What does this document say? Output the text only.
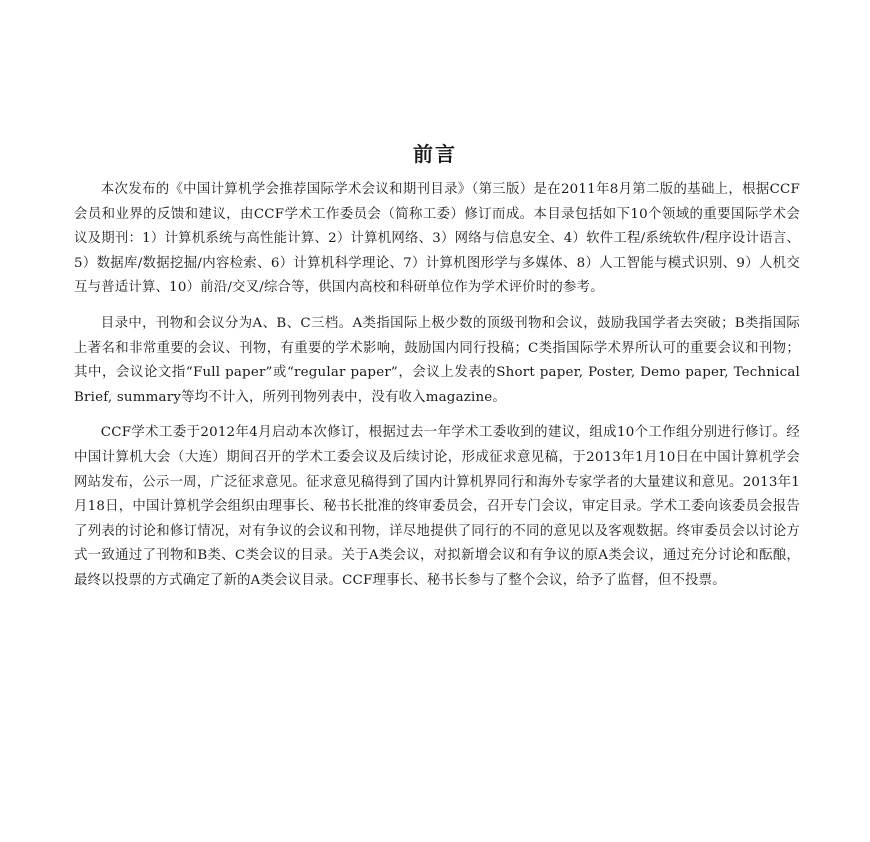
前言

本次发布的《中国计算机学会推荐国际学术会议和期刊目录》（第三版）是在2011年8月第二版的基础上，根据CCF会员和业界的反馈和建议，由CCF学术工作委员会（简称工委）修订而成。本目录包括如下10个领域的重要国际学术会议及期刊：1）计算机系统与高性能计算、2）计算机网络、3）网络与信息安全、4）软件工程/系统软件/程序设计语言、5）数据库/数据挖掘/内容检索、6）计算机科学理论、7）计算机图形学与多媒体、8）人工智能与模式识别、9）人机交互与普适计算、10）前沿/交叉/综合等，供国内高校和科研单位作为学术评价时的参考。

目录中，刊物和会议分为A、B、C三档。A类指国际上极少数的顶级刊物和会议，鼓励我国学者去突破；B类指国际上著名和非常重要的会议、刊物，有重要的学术影响，鼓励国内同行投稿；C类指国际学术界所认可的重要会议和刊物；其中，会议论文指“Full paper”或“regular paper”，会议上发表的Short paper, Poster, Demo paper, Technical Brief, summary等均不计入，所列刊物列表中，没有收入magazine。

CCF学术工委于2012年4月启动本次修订，根据过去一年学术工委收到的建议，组成10个工作组分别进行修订。经中国计算机大会（大连）期间召开的学术工委会议及后续讨论，形成征求意见稿，于2013年1月10日在中国计算机学会网站发布，公示一周，广泛征求意见。征求意见稿得到了国内计算机界同行和海外专家学者的大量建议和意见。2013年1月18日，中国计算机学会组织由理事长、秘书长批准的终审委员会，召开专门会议，审定目录。学术工委向该委员会报告了列表的讨论和修订情况，对有争议的会议和刊物，详尽地提供了同行的不同的意见以及客观数据。终审委员会以讨论方式一致通过了刊物和B类、C类会议的目录。关于A类会议，对拟新增会议和有争议的原A类会议，通过充分讨论和酝酿，最终以投票的方式确定了新的A类会议目录。CCF理事长、秘书长参与了整个会议，给予了监督，但不投票。
